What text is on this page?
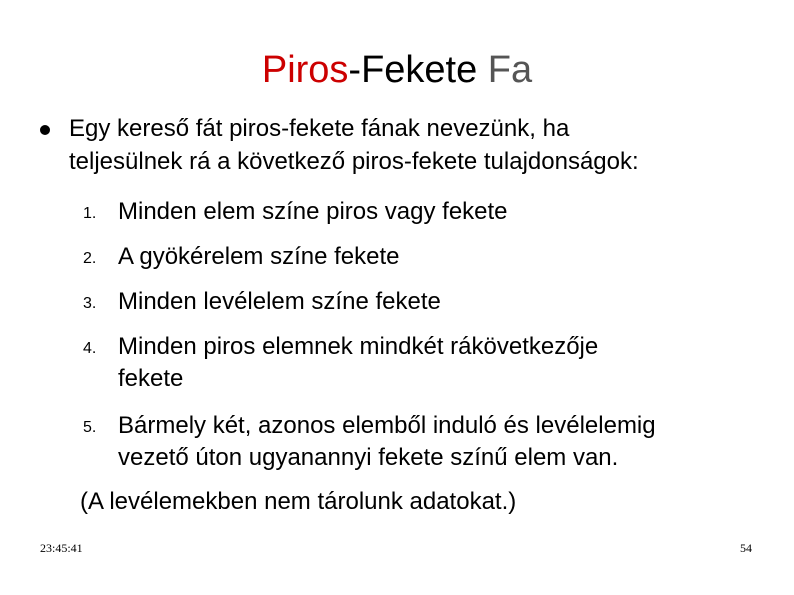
Piros-Fekete Fa
Egy kereső fát piros-fekete fának nevezünk, ha
teljesülnek rá a következő piros-fekete tulajdonságok:
1. Minden elem színe piros vagy fekete
2. A gyökérelem színe fekete
3. Minden levélelem színe fekete
4. Minden piros elemnek mindkét rákövetkezője
fekete
5. Bármely két, azonos elemből induló és levélelemig
vezető úton ugyanannyi fekete színű elem van.
(A levélemekben nem tárolunk adatokat.)
23:45:41	54
